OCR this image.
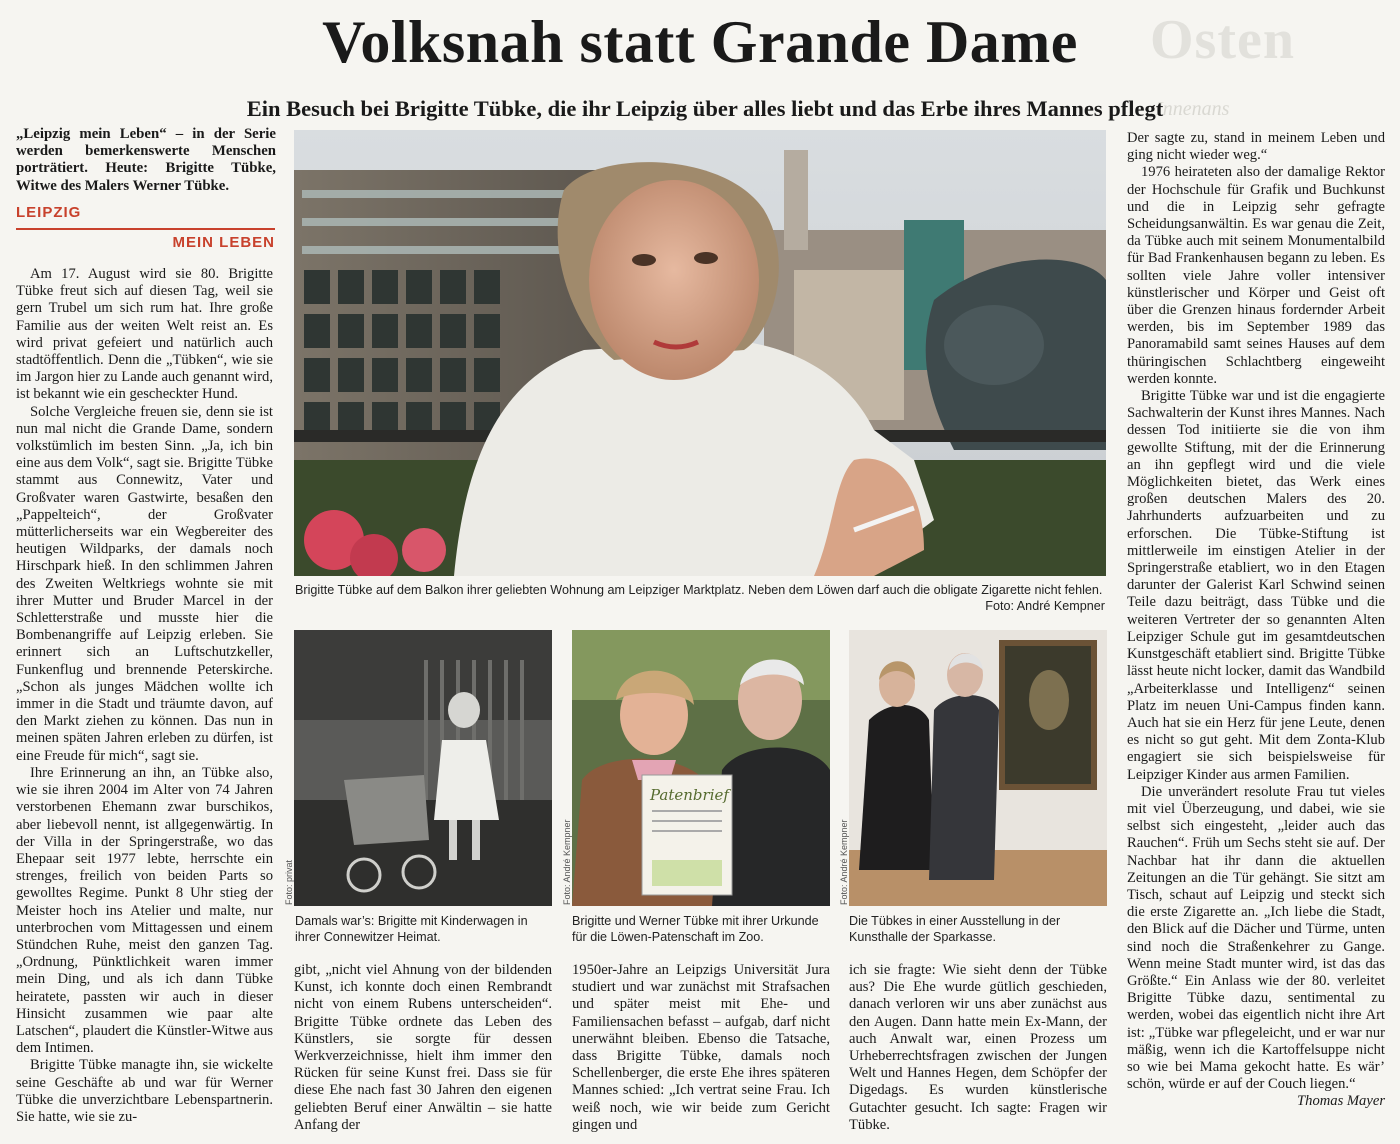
Osten
„Innenans
Volksnah statt Grande Dame
Ein Besuch bei Brigitte Tübke, die ihr Leipzig über alles liebt und das Erbe ihres Mannes pflegt
„Leipzig mein Leben“ – in der Serie werden bemerkenswerte Menschen porträtiert. Heute: Brigitte Tübke, Witwe des Malers Werner Tübke.
LEIPZIG
MEIN LEBEN

Am 17. August wird sie 80. Brigitte Tübke freut sich auf diesen Tag, weil sie gern Trubel um sich rum hat. Ihre große Familie aus der weiten Welt reist an. Es wird privat gefeiert und natürlich auch stadtöffentlich. Denn die „Tübken“, wie sie im Jargon hier zu Lande auch genannt wird, ist bekannt wie ein gescheckter Hund.

Solche Vergleiche freuen sie, denn sie ist nun mal nicht die Grande Dame, sondern volkstümlich im besten Sinn. „Ja, ich bin eine aus dem Volk“, sagt sie. Brigitte Tübke stammt aus Connewitz, Vater und Großvater waren Gastwirte, besaßen den „Pappelteich“, der Großvater mütterlicherseits war ein Wegbereiter des heutigen Wildparks, der damals noch Hirschpark hieß. In den schlimmen Jahren des Zweiten Weltkriegs wohnte sie mit ihrer Mutter und Bruder Marcel in der Schletterstraße und musste hier die Bombenangriffe auf Leipzig erleben. Sie erinnert sich an Luftschutzkeller, Funkenflug und brennende Peterskirche. „Schon als junges Mädchen wollte ich immer in die Stadt und träumte davon, auf den Markt ziehen zu können. Das nun in meinen späten Jahren erleben zu dürfen, ist eine Freude für mich“, sagt sie.

Ihre Erinnerung an ihn, an Tübke also, wie sie ihren 2004 im Alter von 74 Jahren verstorbenen Ehemann zwar burschikos, aber liebevoll nennt, ist allgegenwärtig. In der Villa in der Springerstraße, wo das Ehepaar seit 1977 lebte, herrschte ein strenges, freilich von beiden Parts so gewolltes Regime. Punkt 8 Uhr stieg der Meister hoch ins Atelier und malte, nur unterbrochen vom Mittagessen und einem Stündchen Ruhe, meist den ganzen Tag. „Ordnung, Pünktlichkeit waren immer mein Ding, und als ich dann Tübke heiratete, passten wir auch in dieser Hinsicht zusammen wie paar alte Latschen“, plaudert die Künstler-Witwe aus dem Intimen.

Brigitte Tübke managte ihn, sie wickelte seine Geschäfte ab und war für Werner Tübke die unverzichtbare Lebenspartnerin. Sie hatte, wie sie zu-

Brigitte Tübke auf dem Balkon ihrer geliebten Wohnung am Leipziger Marktplatz. Neben dem Löwen darf auch die obligate Zigarette nicht fehlen.
Foto: André Kempner
Foto: privat
Damals war’s: Brigitte mit Kinderwagen in ihrer Connewitzer Heimat.
Patenbrief
Foto: André Kempner
Brigitte und Werner Tübke mit ihrer Urkunde für die Löwen-Patenschaft im Zoo.
Foto: André Kempner
Die Tübkes in einer Ausstellung in der Kunsthalle der Sparkasse.

gibt, „nicht viel Ahnung von der bildenden Kunst, ich konnte doch einen Rembrandt nicht von einem Rubens unterscheiden“. Brigitte Tübke ordnete das Leben des Künstlers, sie sorgte für dessen Werkverzeichnisse, hielt ihm immer den Rücken für seine Kunst frei. Dass sie für diese Ehe nach fast 30 Jahren den eigenen geliebten Beruf einer Anwältin – sie hatte Anfang der

1950er-Jahre an Leipzigs Universität Jura studiert und war zunächst mit Strafsachen und später meist mit Ehe- und Familiensachen befasst – aufgab, darf nicht unerwähnt bleiben. Ebenso die Tatsache, dass Brigitte Tübke, damals noch Schellenberger, die erste Ehe ihres späteren Mannes schied: „Ich vertrat seine Frau. Ich weiß noch, wie wir beide zum Gericht gingen und

ich sie fragte: Wie sieht denn der Tübke aus? Die Ehe wurde gütlich geschieden, danach verloren wir uns aber zunächst aus den Augen. Dann hatte mein Ex-Mann, der auch Anwalt war, einen Prozess um Urheberrechtsfragen zwischen der Jungen Welt und Hannes Hegen, dem Schöpfer der Digedags. Es wurden künstlerische Gutachter gesucht. Ich sagte: Fragen wir Tübke.

Der sagte zu, stand in meinem Leben und ging nicht wieder weg.“

1976 heirateten also der damalige Rektor der Hochschule für Grafik und Buchkunst und die in Leipzig sehr gefragte Scheidungsanwältin. Es war genau die Zeit, da Tübke auch mit seinem Monumentalbild für Bad Frankenhausen begann zu leben. Es sollten viele Jahre voller intensiver künstlerischer und Körper und Geist oft über die Grenzen hinaus fordernder Arbeit werden, bis im September 1989 das Panoramabild samt seines Hauses auf dem thüringischen Schlachtberg eingeweiht werden konnte.

Brigitte Tübke war und ist die engagierte Sachwalterin der Kunst ihres Mannes. Nach dessen Tod initiierte sie die von ihm gewollte Stiftung, mit der die Erinnerung an ihn gepflegt wird und die viele Möglichkeiten bietet, das Werk eines großen deutschen Malers des 20. Jahrhunderts aufzuarbeiten und zu erforschen. Die Tübke-Stiftung ist mittlerweile im einstigen Atelier in der Springerstraße etabliert, wo in den Etagen darunter der Galerist Karl Schwind seinen Teile dazu beiträgt, dass Tübke und die weiteren Vertreter der so genannten Alten Leipziger Schule gut im gesamtdeutschen Kunstgeschäft etabliert sind. Brigitte Tübke lässt heute nicht locker, damit das Wandbild „Arbeiterklasse und Intelligenz“ seinen Platz im neuen Uni-Campus finden kann. Auch hat sie ein Herz für jene Leute, denen es nicht so gut geht. Mit dem Zonta-Klub engagiert sie sich beispielsweise für Leipziger Kinder aus armen Familien.

Die unverändert resolute Frau tut vieles mit viel Überzeugung, und dabei, wie sie selbst sich eingesteht, „leider auch das Rauchen“. Früh um Sechs steht sie auf. Der Nachbar hat ihr dann die aktuellen Zeitungen an die Tür gehängt. Sie sitzt am Tisch, schaut auf Leipzig und steckt sich die erste Zigarette an. „Ich liebe die Stadt, den Blick auf die Dächer und Türme, unten sind noch die Straßenkehrer zu Gange. Wenn meine Stadt munter wird, ist das das Größte.“ Ein Anlass wie der 80. verleitet Brigitte Tübke dazu, sentimental zu werden, wobei das eigentlich nicht ihre Art ist: „Tübke war pflegeleicht, und er war nur mäßig, wenn ich die Kartoffelsuppe nicht so wie bei Mama gekocht hatte. Es wär’ schön, würde er auf der Couch liegen.“
Thomas Mayer
